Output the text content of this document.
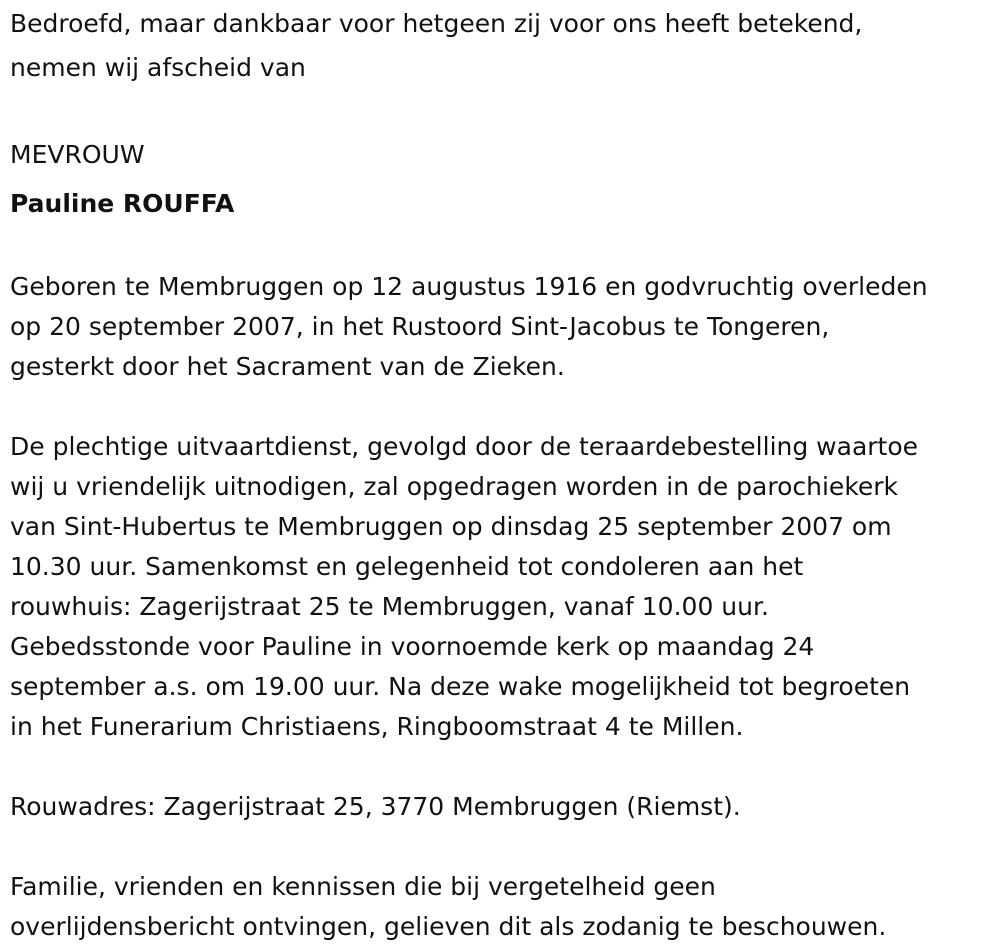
Bedroefd, maar dankbaar voor hetgeen zij voor ons heeft betekend,
nemen wij afscheid van
MEVROUW
Pauline ROUFFA
Geboren te Membruggen op 12 augustus 1916 en godvruchtig overleden
op 20 september 2007, in het Rustoord Sint-Jacobus te Tongeren,
gesterkt door het Sacrament van de Zieken.
De plechtige uitvaartdienst, gevolgd door de teraardebestelling waartoe
wij u vriendelijk uitnodigen, zal opgedragen worden in de parochiekerk
van Sint-Hubertus te Membruggen op dinsdag 25 september 2007 om
10.30 uur. Samenkomst en gelegenheid tot condoleren aan het
rouwhuis: Zagerijstraat 25 te Membruggen, vanaf 10.00 uur.
Gebedsstonde voor Pauline in voornoemde kerk op maandag 24
september a.s. om 19.00 uur. Na deze wake mogelijkheid tot begroeten
in het Funerarium Christiaens, Ringboomstraat 4 te Millen.
Rouwadres: Zagerijstraat 25, 3770 Membruggen (Riemst).
Familie, vrienden en kennissen die bij vergetelheid geen
overlijdensbericht ontvingen, gelieven dit als zodanig te beschouwen.
